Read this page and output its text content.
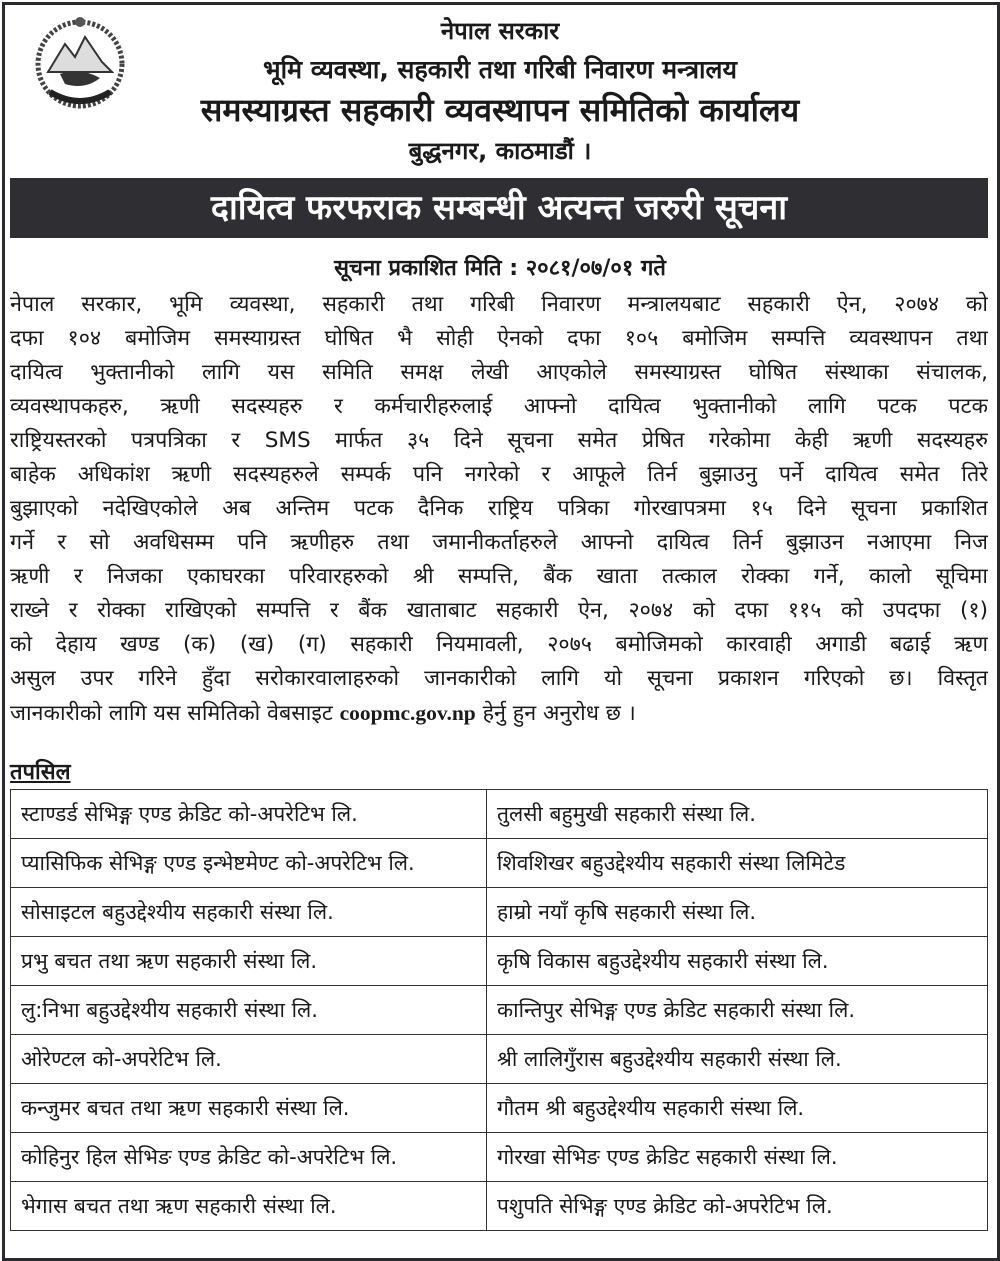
नेपाल सरकार
भूमि व्यवस्था, सहकारी तथा गरिबी निवारण मन्त्रालय
समस्याग्रस्त सहकारी व्यवस्थापन समितिको कार्यालय
बुद्धनगर, काठमाडौं ।
दायित्व फरफराक सम्बन्धी अत्यन्त जरुरी सूचना
सूचना प्रकाशित मिति : २०८१/०७/०१ गते
नेपाल सरकार, भूमि व्यवस्था, सहकारी तथा गरिबी निवारण मन्त्रालयबाट सहकारी ऐन, २०७४ को
दफा १०४ बमोजिम समस्याग्रस्त घोषित भै सोही ऐनको दफा १०५ बमोजिम सम्पत्ति व्यवस्थापन तथा
दायित्व भुक्तानीको लागि यस समिति समक्ष लेखी आएकोले समस्याग्रस्त घोषित संस्थाका संचालक,
व्यवस्थापकहरु, ऋणी सदस्यहरु र कर्मचारीहरुलाई आफ्नो दायित्व भुक्तानीको लागि पटक पटक
राष्ट्रियस्तरको पत्रपत्रिका र SMS मार्फत ३५ दिने सूचना समेत प्रेषित गरेकोमा केही ऋणी सदस्यहरु
बाहेक अधिकांश ऋणी सदस्यहरुले सम्पर्क पनि नगरेको र आफूले तिर्न बुझाउनु पर्ने दायित्व समेत तिरे
बुझाएको नदेखिएकोले अब अन्तिम पटक दैनिक राष्ट्रिय पत्रिका गोरखापत्रमा १५ दिने सूचना प्रकाशित
गर्ने र सो अवधिसम्म पनि ऋणीहरु तथा जमानीकर्ताहरुले आफ्नो दायित्व तिर्न बुझाउन नआएमा निज
ऋणी र निजका एकाघरका परिवारहरुको श्री सम्पत्ति, बैंक खाता तत्काल रोक्का गर्ने, कालो सूचिमा
राख्ने र रोक्का राखिएको सम्पत्ति र बैंक खाताबाट सहकारी ऐन, २०७४ को दफा ११५ को उपदफा (१)
को देहाय खण्ड (क) (ख) (ग) सहकारी नियमावली, २०७५ बमोजिमको कारवाही अगाडी बढाई ऋण
असुल उपर गरिने हुँदा सरोकारवालाहरुको जानकारीको लागि यो सूचना प्रकाशन गरिएको छ। विस्तृत
जानकारीको लागि यस समितिको वेबसाइट coopmc.gov.np हेर्नु हुन अनुरोध छ ।
तपसिल
स्टाण्डर्ड सेभिङ्ग एण्ड क्रेडिट को-अपरेटिभ लि.	तुलसी बहुमुखी सहकारी संस्था लि.
प्यासिफिक सेभिङ्ग एण्ड इन्भेष्टमेण्ट को-अपरेटिभ लि.	शिवशिखर बहुउद्देश्यीय सहकारी संस्था लिमिटेड
सोसाइटल बहुउद्देश्यीय सहकारी संस्था लि.	हाम्रो नयाँ कृषि सहकारी संस्था लि.
प्रभु बचत तथा ऋण सहकारी संस्था लि.	कृषि विकास बहुउद्देश्यीय सहकारी संस्था लि.
लु:निभा बहुउद्देश्यीय सहकारी संस्था लि.	कान्तिपुर सेभिङ्ग एण्ड क्रेडिट सहकारी संस्था लि.
ओरेण्टल को-अपरेटिभ लि.	श्री लालिगुँरास बहुउद्देश्यीय सहकारी संस्था लि.
कन्जुमर बचत तथा ऋण सहकारी संस्था लि.	गौतम श्री बहुउद्देश्यीय सहकारी संस्था लि.
कोहिनुर हिल सेभिङ एण्ड क्रेडिट को-अपरेटिभ लि.	गोरखा सेभिङ एण्ड क्रेडिट सहकारी संस्था लि.
भेगास बचत तथा ऋण सहकारी संस्था लि.	पशुपति सेभिङ्ग एण्ड क्रेडिट को-अपरेटिभ लि.
